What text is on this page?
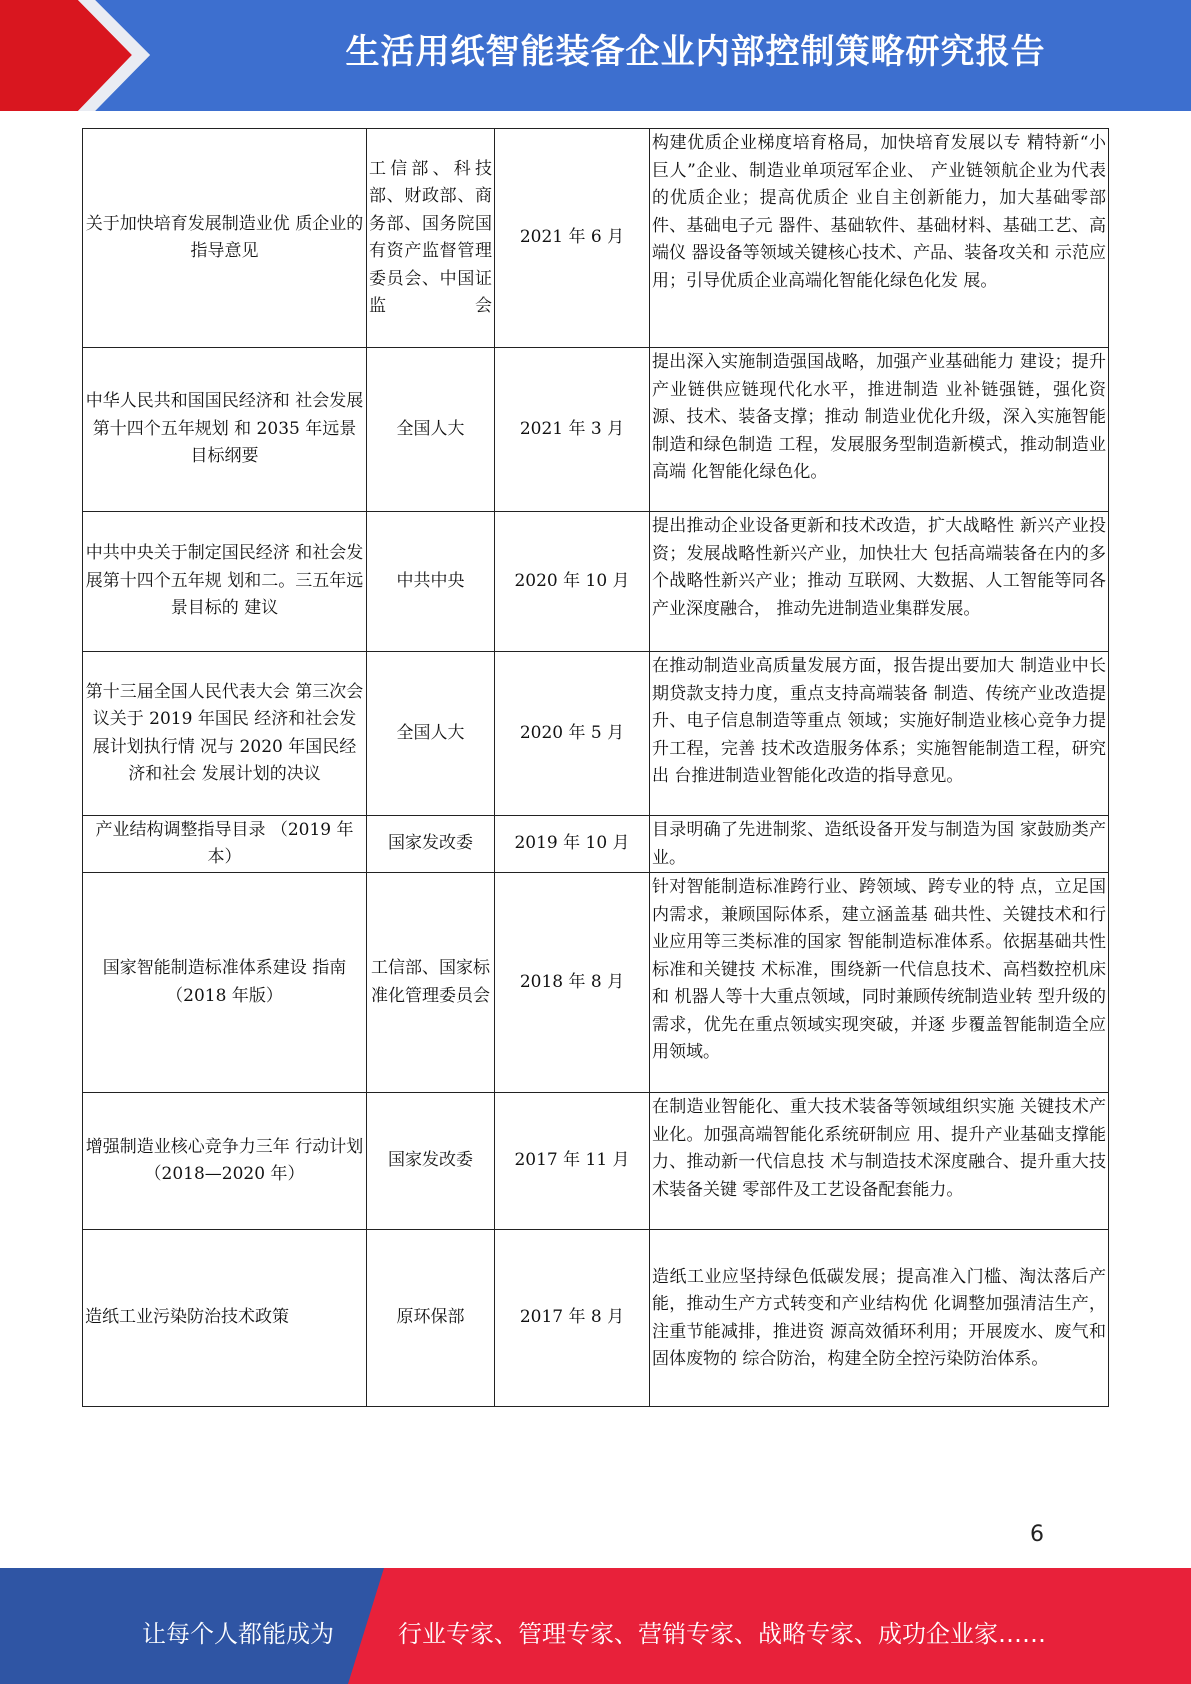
生活用纸智能装备企业内部控制策略研究报告
关于加快培育发展制造业优 质企业的指导意见	工信部、科技部、财政部、商务部、国务院国有资产监督管理委员会、中国证监会	2021 年 6 月	构建优质企业梯度培育格局，加快培育发展以专 精特新“小巨人”企业、制造业单项冠军企业、 产业链领航企业为代表的优质企业；提高优质企 业自主创新能力，加大基础零部件、基础电子元 器件、基础软件、基础材料、基础工艺、高端仪 器设备等领域关键核心技术、产品、装备攻关和 示范应用；引导优质企业高端化智能化绿色化发 展。
中华人民共和国国民经济和 社会发展第十四个五年规划 和 2035 年远景目标纲要	全国人大	2021 年 3 月	提出深入实施制造强国战略，加强产业基础能力 建设；提升产业链供应链现代化水平，推进制造 业补链强链，强化资源、技术、装备支撑；推动 制造业优化升级，深入实施智能制造和绿色制造 工程，发展服务型制造新模式，推动制造业高端 化智能化绿色化。
中共中央关于制定国民经济 和社会发展第十四个五年规 划和二。三五年远景目标的 建议	中共中央	2020 年 10 月	提出推动企业设备更新和技术改造，扩大战略性 新兴产业投资；发展战略性新兴产业，加快壮大 包括高端装备在内的多个战略性新兴产业；推动 互联网、大数据、人工智能等同各产业深度融合， 推动先进制造业集群发展。
第十三届全国人民代表大会 第三次会议关于 2019 年国民 经济和社会发展计划执行情 况与 2020 年国民经济和社会 发展计划的决议	全国人大	2020 年 5 月	在推动制造业高质量发展方面，报告提出要加大 制造业中长期贷款支持力度，重点支持高端装备 制造、传统产业改造提升、电子信息制造等重点 领域；实施好制造业核心竞争力提升工程，完善 技术改造服务体系；实施智能制造工程，研究出 台推进制造业智能化改造的指导意见。
产业结构调整指导目录 （2019 年本）	国家发改委	2019 年 10 月	目录明确了先进制浆、造纸设备开发与制造为国 家鼓励类产业。
国家智能制造标准体系建设 指南（2018 年版）	工信部、国家标准化管理委员会	2018 年 8 月	针对智能制造标准跨行业、跨领域、跨专业的特 点，立足国内需求，兼顾国际体系，建立涵盖基 础共性、关键技术和行业应用等三类标准的国家 智能制造标准体系。依据基础共性标准和关键技 术标准，围绕新一代信息技术、高档数控机床和 机器人等十大重点领域，同时兼顾传统制造业转 型升级的需求，优先在重点领域实现突破，并逐 步覆盖智能制造全应用领域。
增强制造业核心竞争力三年 行动计划（2018—2020 年）	国家发改委	2017 年 11 月	在制造业智能化、重大技术装备等领域组织实施 关键技术产业化。加强高端智能化系统研制应 用、提升产业基础支撑能力、推动新一代信息技 术与制造技术深度融合、提升重大技术装备关键 零部件及工艺设备配套能力。
造纸工业污染防治技术政策	原环保部	2017 年 8 月	造纸工业应坚持绿色低碳发展；提高准入门槛、淘汰落后产能，推动生产方式转变和产业结构优 化调整加强清洁生产，注重节能减排，推进资 源高效循环利用；开展废水、废气和固体废物的 综合防治，构建全防全控污染防治体系。
6
让每个人都能成为	行业专家、管理专家、营销专家、战略专家、成功企业家……
